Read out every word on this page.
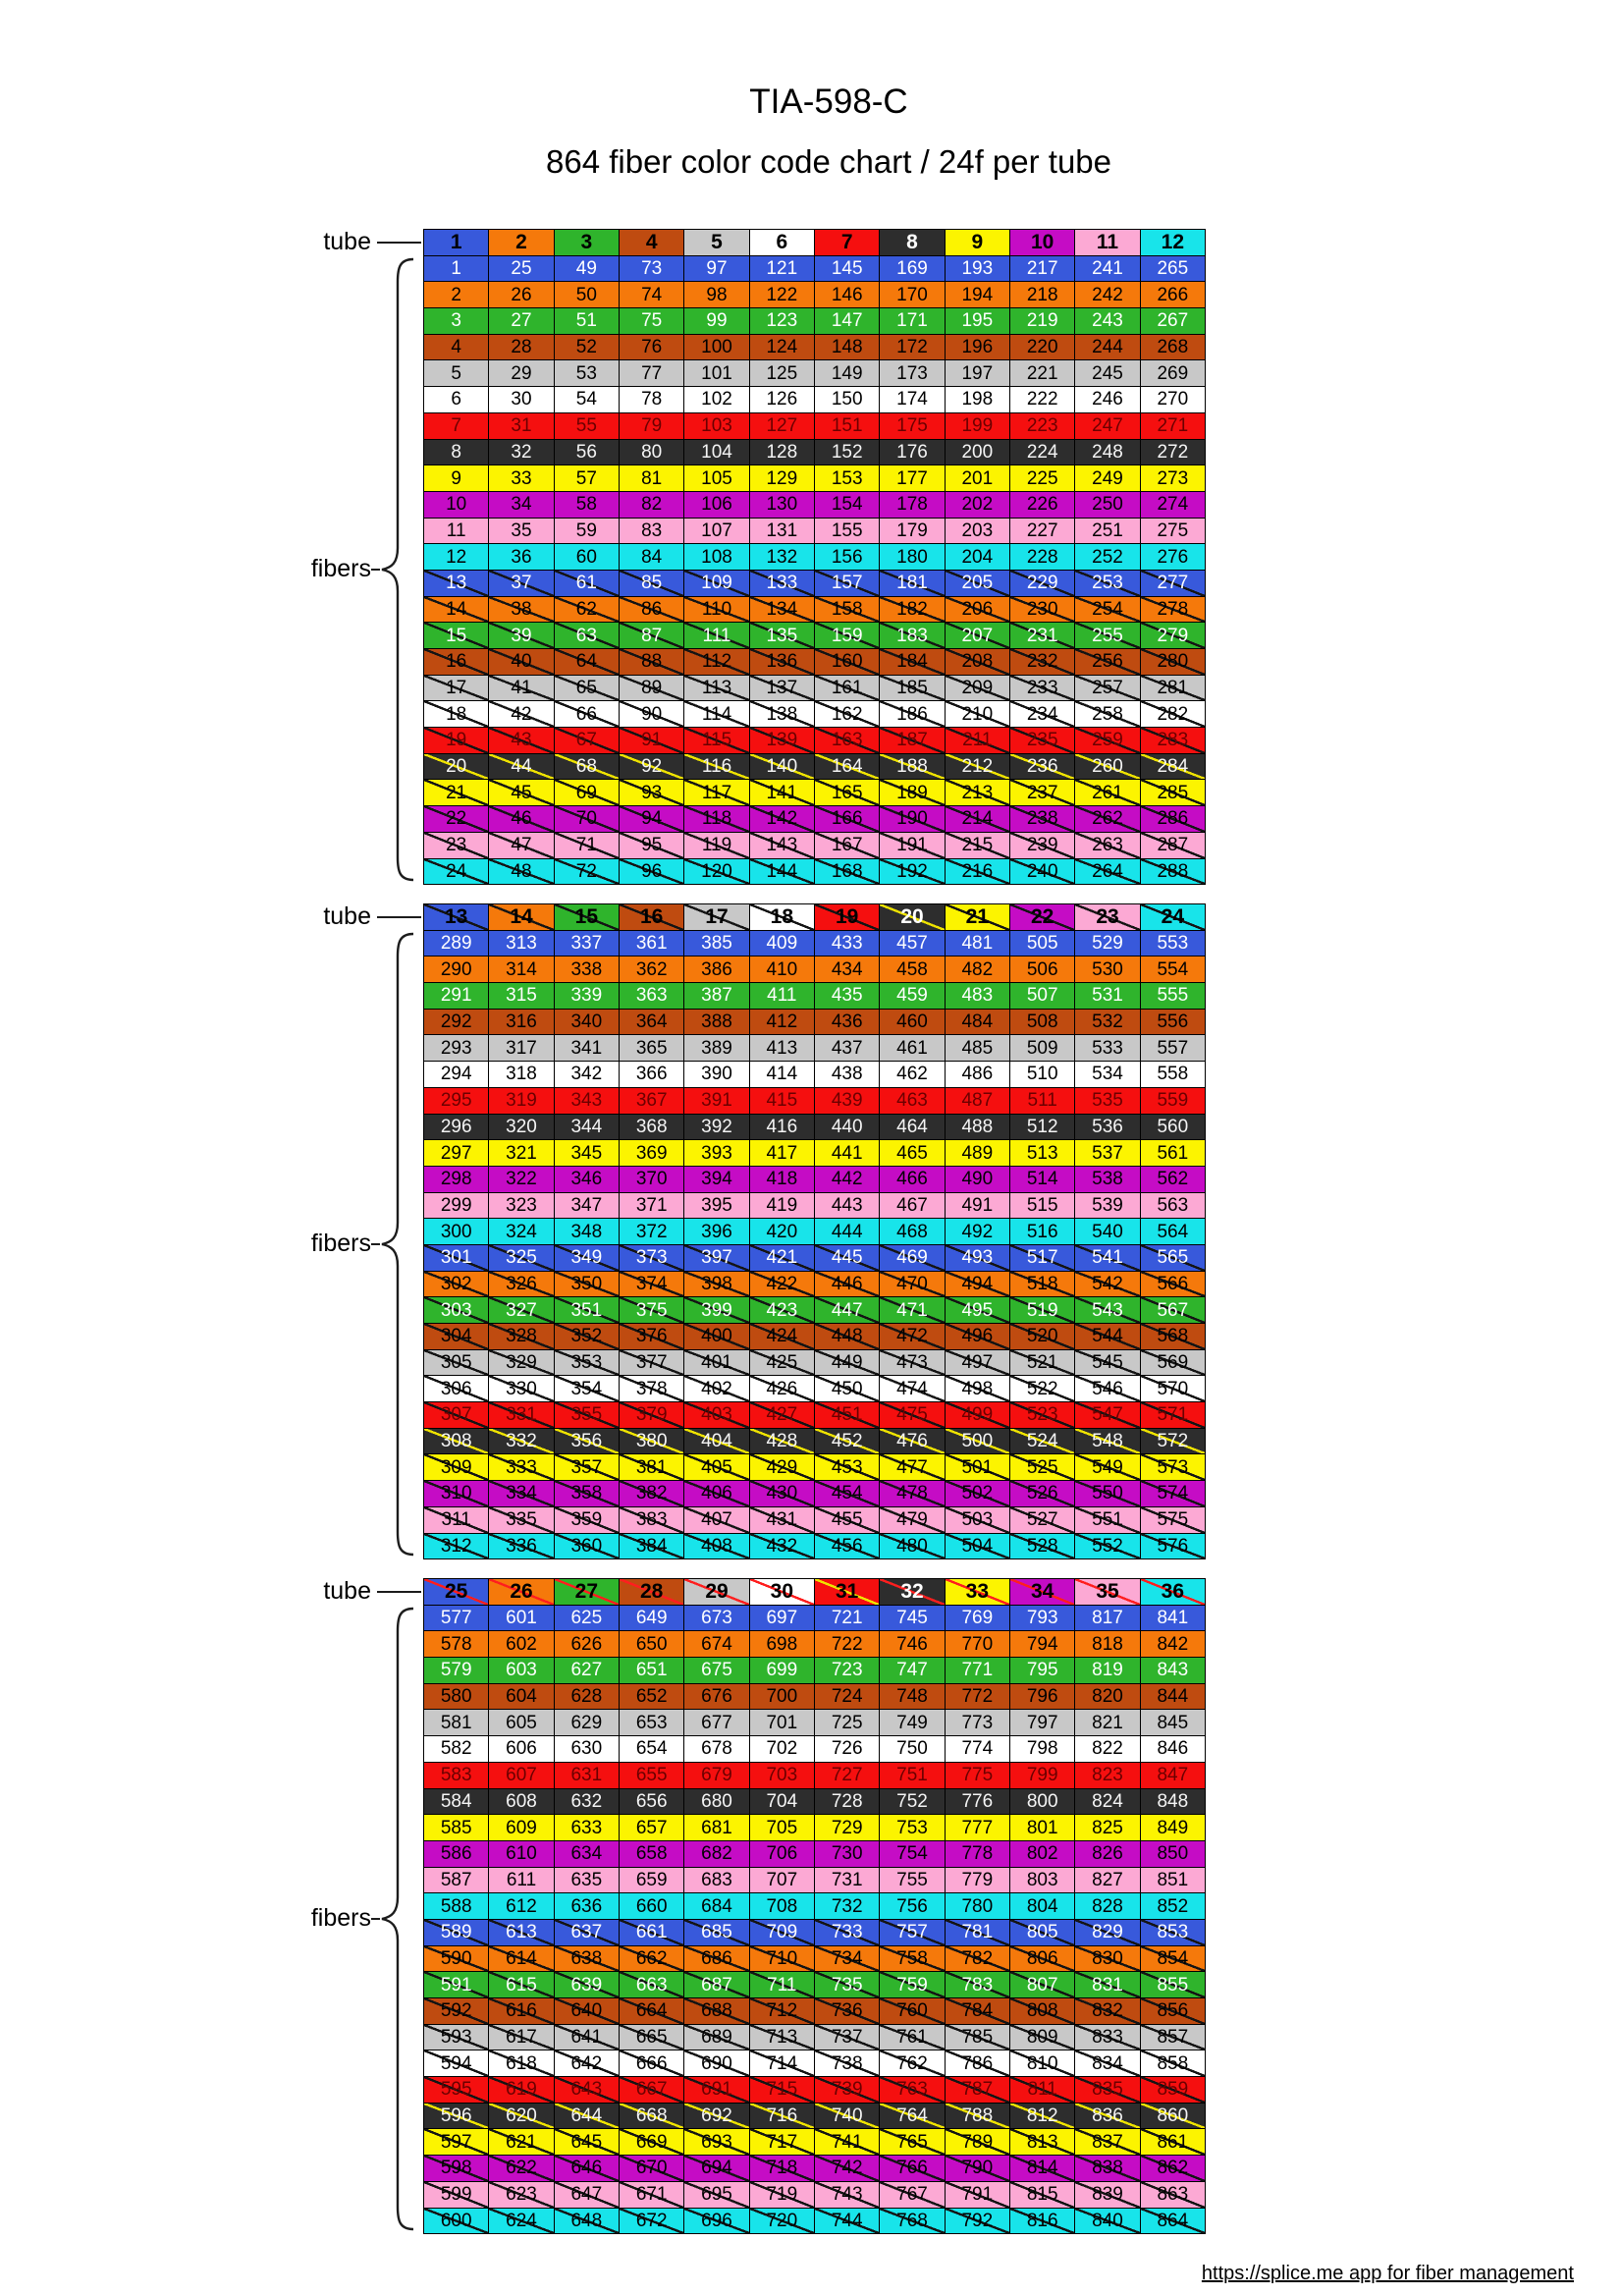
TIA-598-C
864 fiber color code chart / 24f per tube
tube
fibers
1	2	3	4	5	6	7	8	9	10	11	12
1	25	49	73	97	121	145	169	193	217	241	265
2	26	50	74	98	122	146	170	194	218	242	266
3	27	51	75	99	123	147	171	195	219	243	267
4	28	52	76	100	124	148	172	196	220	244	268
5	29	53	77	101	125	149	173	197	221	245	269
6	30	54	78	102	126	150	174	198	222	246	270
7	31	55	79	103	127	151	175	199	223	247	271
8	32	56	80	104	128	152	176	200	224	248	272
9	33	57	81	105	129	153	177	201	225	249	273
10	34	58	82	106	130	154	178	202	226	250	274
11	35	59	83	107	131	155	179	203	227	251	275
12	36	60	84	108	132	156	180	204	228	252	276
13	37	61	85	109	133	157	181	205	229	253	277
14	38	62	86	110	134	158	182	206	230	254	278
15	39	63	87	111	135	159	183	207	231	255	279
16	40	64	88	112	136	160	184	208	232	256	280
17	41	65	89	113	137	161	185	209	233	257	281
18	42	66	90	114	138	162	186	210	234	258	282
19	43	67	91	115	139	163	187	211	235	259	283
20	44	68	92	116	140	164	188	212	236	260	284
21	45	69	93	117	141	165	189	213	237	261	285
22	46	70	94	118	142	166	190	214	238	262	286
23	47	71	95	119	143	167	191	215	239	263	287
24	48	72	96	120	144	168	192	216	240	264	288
tube
fibers
13	14	15	16	17	18	19	20	21	22	23	24
289	313	337	361	385	409	433	457	481	505	529	553
290	314	338	362	386	410	434	458	482	506	530	554
291	315	339	363	387	411	435	459	483	507	531	555
292	316	340	364	388	412	436	460	484	508	532	556
293	317	341	365	389	413	437	461	485	509	533	557
294	318	342	366	390	414	438	462	486	510	534	558
295	319	343	367	391	415	439	463	487	511	535	559
296	320	344	368	392	416	440	464	488	512	536	560
297	321	345	369	393	417	441	465	489	513	537	561
298	322	346	370	394	418	442	466	490	514	538	562
299	323	347	371	395	419	443	467	491	515	539	563
300	324	348	372	396	420	444	468	492	516	540	564
301	325	349	373	397	421	445	469	493	517	541	565
302	326	350	374	398	422	446	470	494	518	542	566
303	327	351	375	399	423	447	471	495	519	543	567
304	328	352	376	400	424	448	472	496	520	544	568
305	329	353	377	401	425	449	473	497	521	545	569
306	330	354	378	402	426	450	474	498	522	546	570
307	331	355	379	403	427	451	475	499	523	547	571
308	332	356	380	404	428	452	476	500	524	548	572
309	333	357	381	405	429	453	477	501	525	549	573
310	334	358	382	406	430	454	478	502	526	550	574
311	335	359	383	407	431	455	479	503	527	551	575
312	336	360	384	408	432	456	480	504	528	552	576
tube
fibers
25	26	27	28	29	30	31	32	33	34	35	36
577	601	625	649	673	697	721	745	769	793	817	841
578	602	626	650	674	698	722	746	770	794	818	842
579	603	627	651	675	699	723	747	771	795	819	843
580	604	628	652	676	700	724	748	772	796	820	844
581	605	629	653	677	701	725	749	773	797	821	845
582	606	630	654	678	702	726	750	774	798	822	846
583	607	631	655	679	703	727	751	775	799	823	847
584	608	632	656	680	704	728	752	776	800	824	848
585	609	633	657	681	705	729	753	777	801	825	849
586	610	634	658	682	706	730	754	778	802	826	850
587	611	635	659	683	707	731	755	779	803	827	851
588	612	636	660	684	708	732	756	780	804	828	852
589	613	637	661	685	709	733	757	781	805	829	853
590	614	638	662	686	710	734	758	782	806	830	854
591	615	639	663	687	711	735	759	783	807	831	855
592	616	640	664	688	712	736	760	784	808	832	856
593	617	641	665	689	713	737	761	785	809	833	857
594	618	642	666	690	714	738	762	786	810	834	858
595	619	643	667	691	715	739	763	787	811	835	859
596	620	644	668	692	716	740	764	788	812	836	860
597	621	645	669	693	717	741	765	789	813	837	861
598	622	646	670	694	718	742	766	790	814	838	862
599	623	647	671	695	719	743	767	791	815	839	863
600	624	648	672	696	720	744	768	792	816	840	864
https://splice.me app for fiber management
